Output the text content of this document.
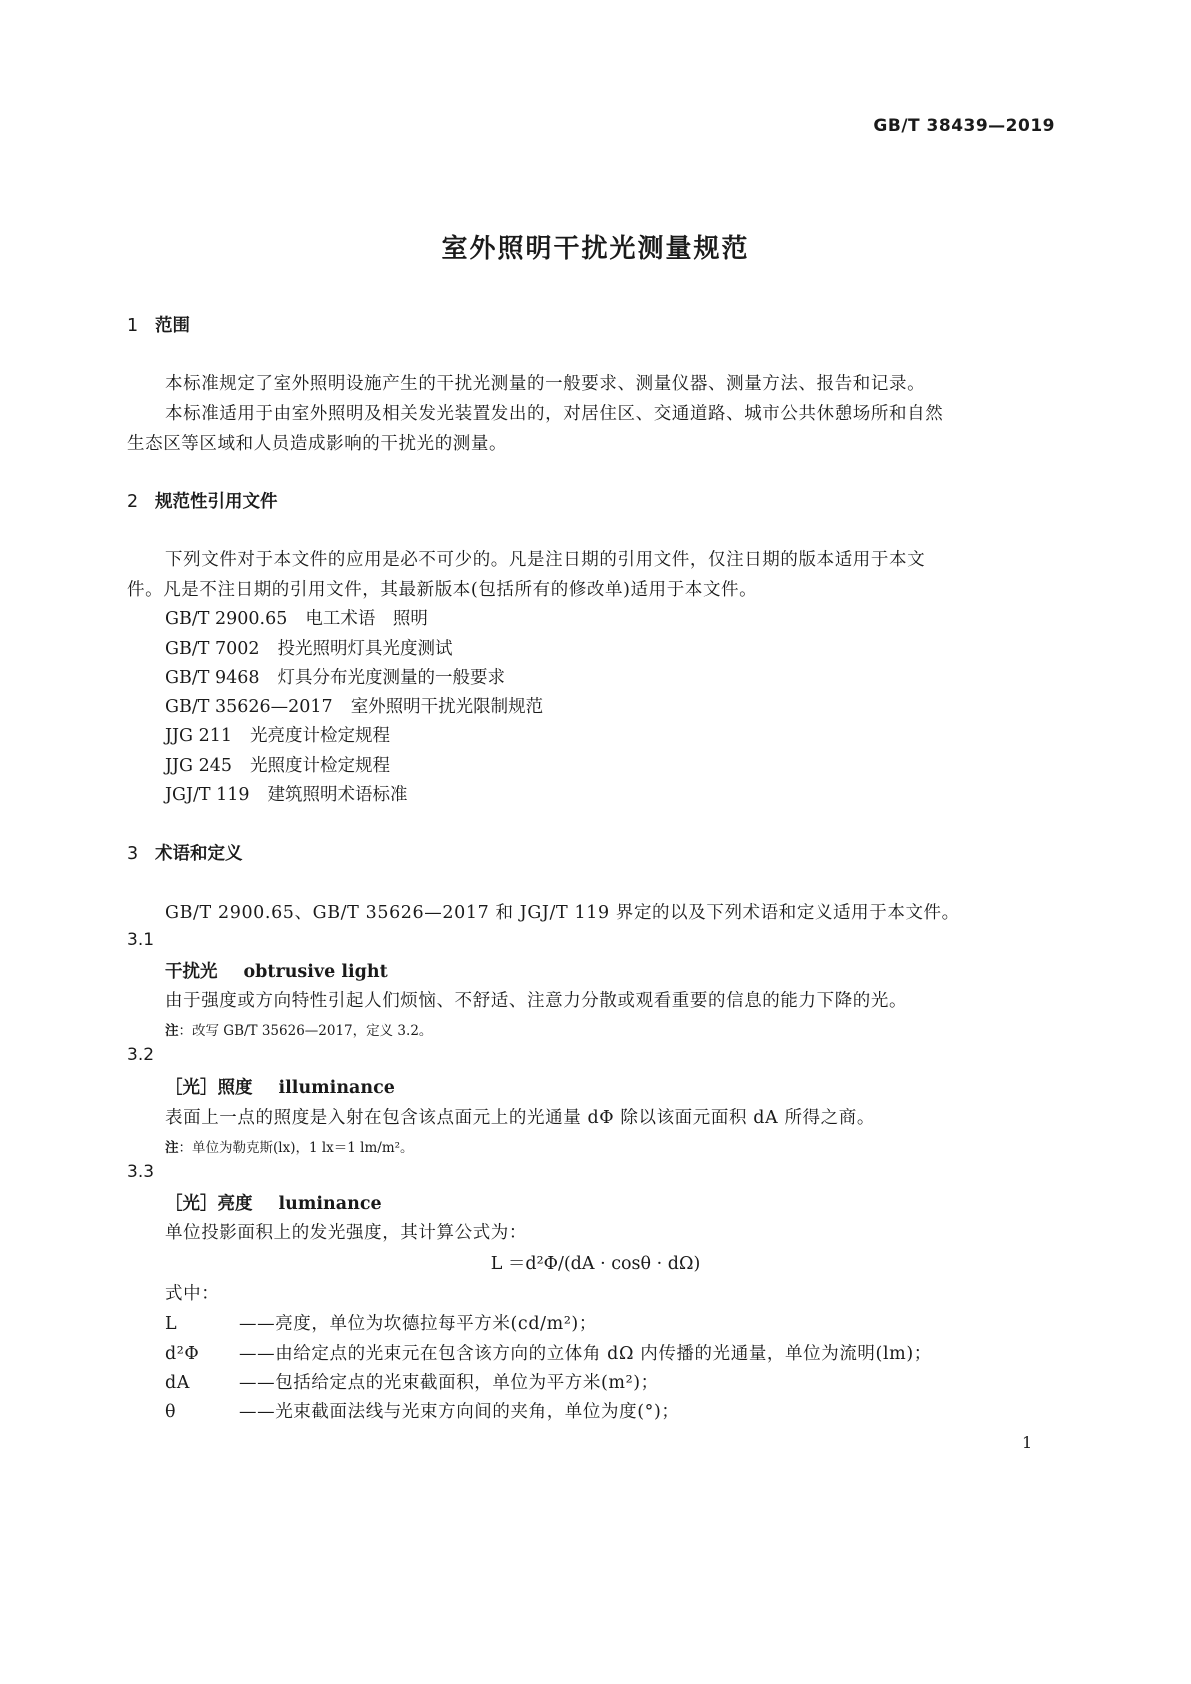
GB/T 38439—2019
室外照明干扰光测量规范
1 范围
本标准规定了室外照明设施产生的干扰光测量的一般要求、测量仪器、测量方法、报告和记录。
本标准适用于由室外照明及相关发光装置发出的，对居住区、交通道路、城市公共休憩场所和自然
生态区等区域和人员造成影响的干扰光的测量。
2 规范性引用文件
下列文件对于本文件的应用是必不可少的。凡是注日期的引用文件，仅注日期的版本适用于本文
件。凡是不注日期的引用文件，其最新版本(包括所有的修改单)适用于本文件。
GB/T 2900.65 电工术语　照明
GB/T 7002 投光照明灯具光度测试
GB/T 9468 灯具分布光度测量的一般要求
GB/T 35626—2017 室外照明干扰光限制规范
JJG 211 光亮度计检定规程
JJG 245 光照度计检定规程
JGJ/T 119 建筑照明术语标准
3 术语和定义
GB/T 2900.65、GB/T 35626—2017 和 JGJ/T 119 界定的以及下列术语和定义适用于本文件。
3.1
干扰光 obtrusive light
由于强度或方向特性引起人们烦恼、不舒适、注意力分散或观看重要的信息的能力下降的光。
注：改写 GB/T 35626—2017，定义 3.2。
3.2
［光］照度 illuminance
表面上一点的照度是入射在包含该点面元上的光通量 dΦ 除以该面元面积 dA 所得之商。
注：单位为勒克斯(lx)，1 lx＝1 lm/m²。
3.3
［光］亮度 luminance
单位投影面积上的发光强度，其计算公式为：
L ＝d²Φ/(dA · cosθ · dΩ)
式中：
L	——亮度，单位为坎德拉每平方米(cd/m²)；
d²Φ ——由给定点的光束元在包含该方向的立体角 dΩ 内传播的光通量，单位为流明(lm)；
dA	——包括给定点的光束截面积，单位为平方米(m²)；
θ	——光束截面法线与光束方向间的夹角，单位为度(°)；
1
